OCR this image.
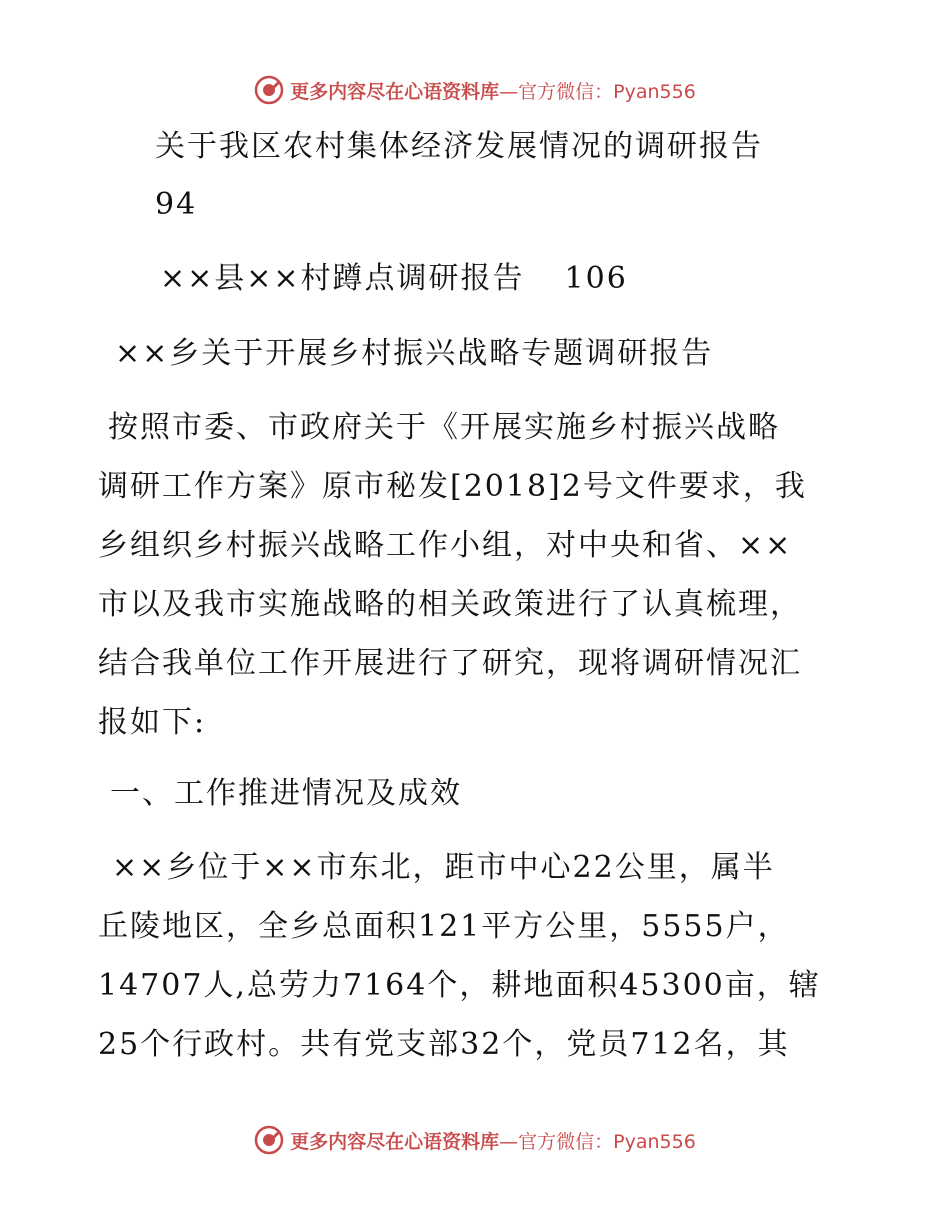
更多内容尽在心语资料库—官方微信：Pyan556
关于我区农村集体经济发展情况的调研报告
94
××县××村蹲点调研报告 106
××乡关于开展乡村振兴战略专题调研报告
按照市委、市政府关于《开展实施乡村振兴战略
调研工作方案》原市秘发[2018]2号文件要求，我
乡组织乡村振兴战略工作小组，对中央和省、××
市以及我市实施战略的相关政策进行了认真梳理，
结合我单位工作开展进行了研究，现将调研情况汇
报如下:
一、工作推进情况及成效
××乡位于××市东北，距市中心22公里，属半
丘陵地区，全乡总面积121平方公里，5555户，
14707人,总劳力7164个，耕地面积45300亩，辖
25个行政村。共有党支部32个，党员712名，其
更多内容尽在心语资料库—官方微信：Pyan556
